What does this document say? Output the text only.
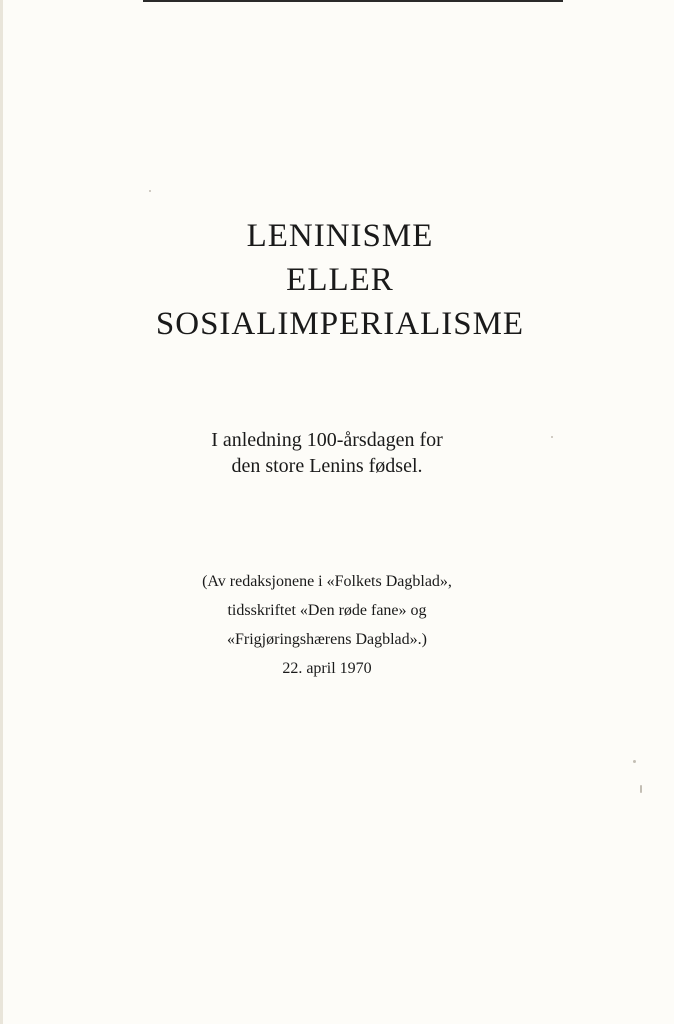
LENINISME
ELLER
SOSIALIMPERIALISME
I anledning 100-årsdagen for
den store Lenins fødsel.
(Av redaksjonene i «Folkets Dagblad»,
tidsskriftet «Den røde fane» og
«Frigjøringshærens Dagblad».)
22. april 1970
